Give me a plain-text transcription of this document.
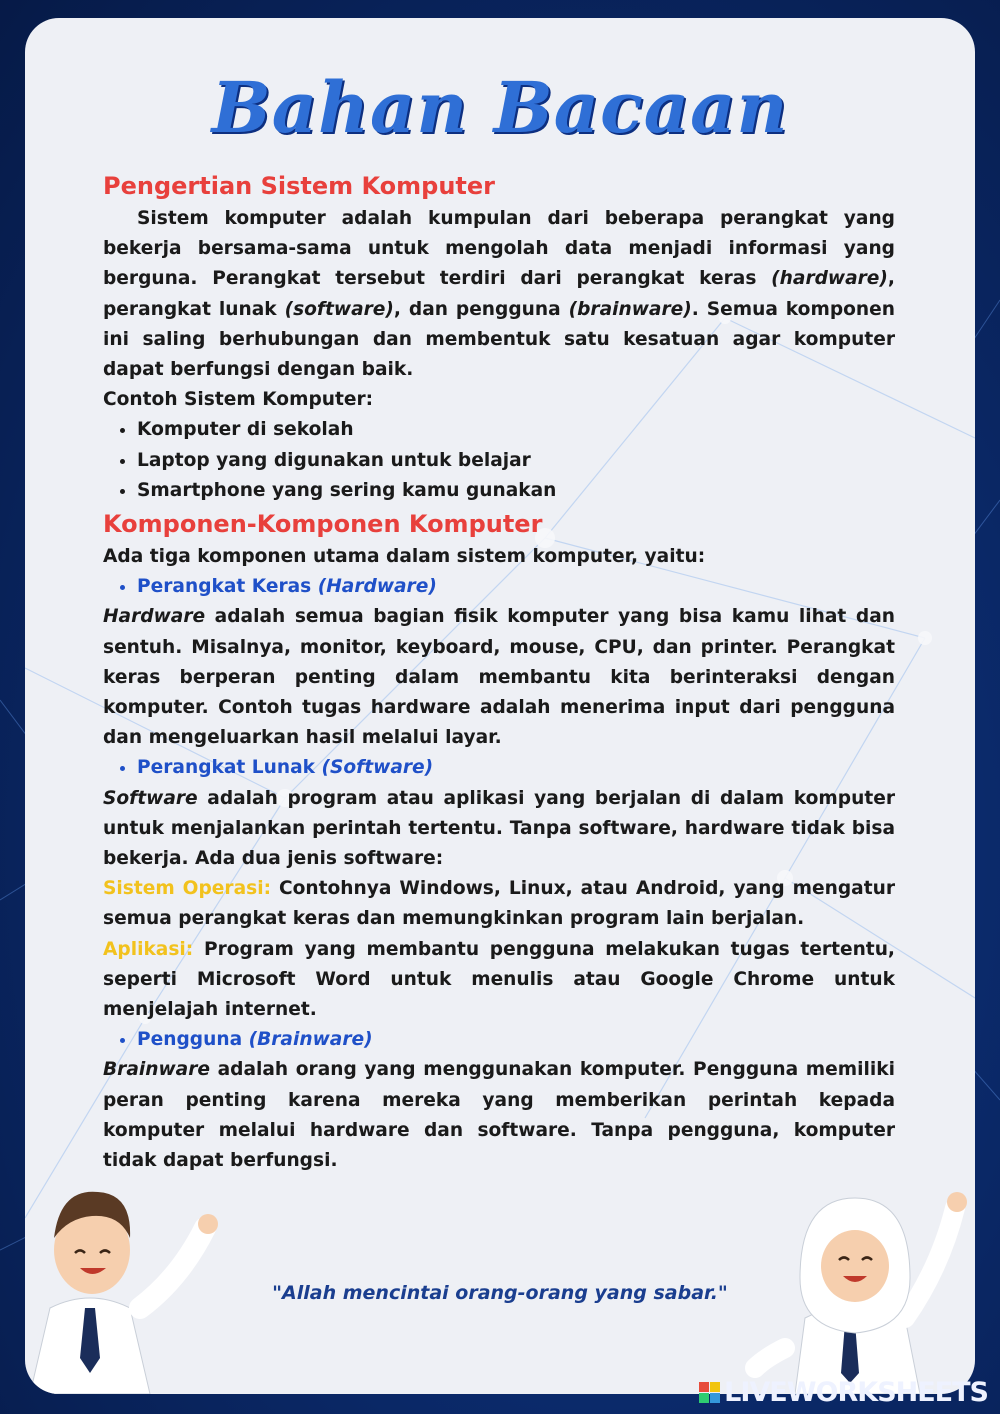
Bahan Bacaan
Pengertian Sistem Komputer

Sistem komputer adalah kumpulan dari beberapa perangkat yang bekerja bersama-sama untuk mengolah data menjadi informasi yang berguna. Perangkat tersebut terdiri dari perangkat keras (hardware), perangkat lunak (software), dan pengguna (brainware). Semua komponen ini saling berhubungan dan membentuk satu kesatuan agar komputer dapat berfungsi dengan baik.

Contoh Sistem Komputer:

• Komputer di sekolah
• Laptop yang digunakan untuk belajar
• Smartphone yang sering kamu gunakan
Komponen-Komponen Komputer

Ada tiga komponen utama dalam sistem komputer, yaitu:

• Perangkat Keras (Hardware)

Hardware adalah semua bagian fisik komputer yang bisa kamu lihat dan sentuh. Misalnya, monitor, keyboard, mouse, CPU, dan printer. Perangkat keras berperan penting dalam membantu kita berinteraksi dengan komputer. Contoh tugas hardware adalah menerima input dari pengguna dan mengeluarkan hasil melalui layar.

• Perangkat Lunak (Software)

Software adalah program atau aplikasi yang berjalan di dalam komputer untuk menjalankan perintah tertentu. Tanpa software, hardware tidak bisa bekerja. Ada dua jenis software:

Sistem Operasi: Contohnya Windows, Linux, atau Android, yang mengatur semua perangkat keras dan memungkinkan program lain berjalan.

Aplikasi: Program yang membantu pengguna melakukan tugas tertentu, seperti Microsoft Word untuk menulis atau Google Chrome untuk menjelajah internet.

• Pengguna (Brainware)

Brainware adalah orang yang menggunakan komputer. Pengguna memiliki peran penting karena mereka yang memberikan perintah kepada komputer melalui hardware dan software. Tanpa pengguna, komputer tidak dapat berfungsi.

"Allah mencintai orang-orang yang sabar."
LIVEWORKSHEETS
